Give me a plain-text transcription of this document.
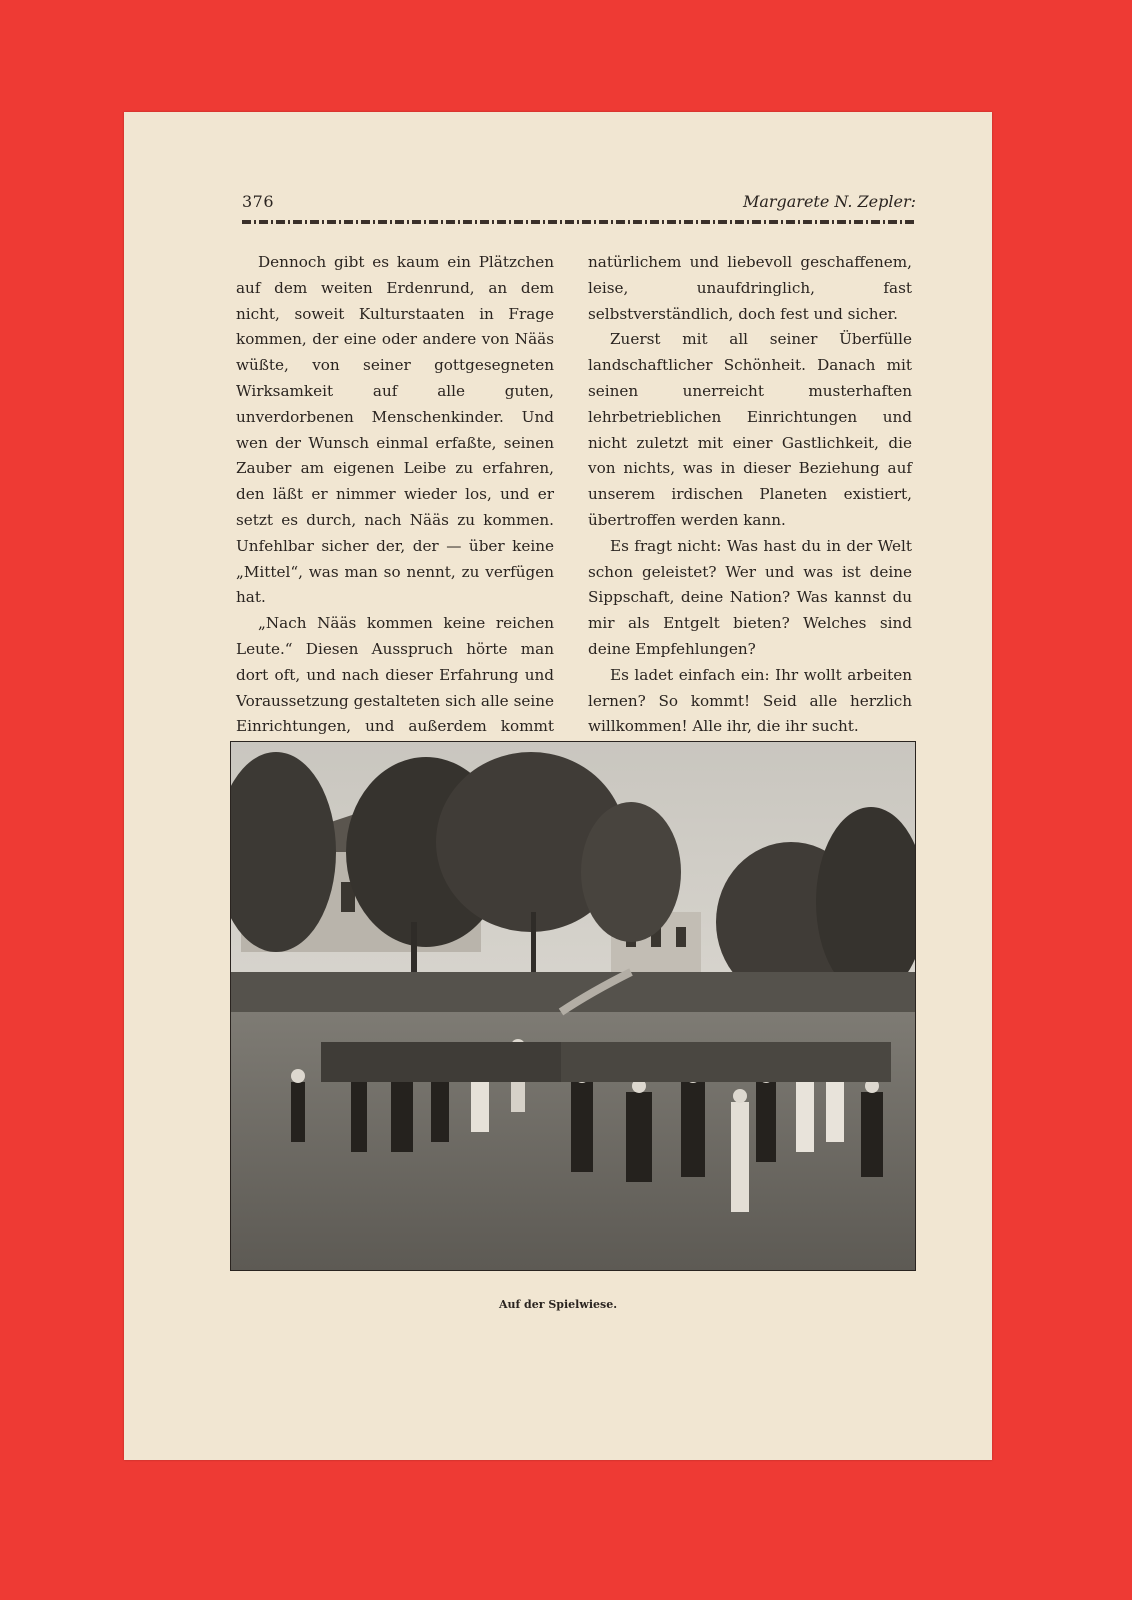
376	Margarete N. Zepler:

Dennoch gibt es kaum ein Plätzchen auf dem weiten Erdenrund, an dem nicht, soweit Kulturstaaten in Frage kommen, der eine oder andere von Nääs wüßte, von seiner gottgesegneten Wirksamkeit auf alle guten, unverdorbenen Menschenkinder. Und wen der Wunsch einmal erfaßte, seinen Zauber am eigenen Leibe zu erfahren, den läßt er nimmer wieder los, und er setzt es durch, nach Nääs zu kommen. Unfehlbar sicher der, der — über keine „Mittel“, was man so nennt, zu verfügen hat.

„Nach Nääs kommen keine reichen Leute.“ Diesen Ausspruch hörte man dort oft, und nach dieser Erfahrung und Voraussetzung gestalteten sich alle seine Einrichtungen, und außerdem kommt

natürlichem und liebevoll geschaffenem, leise, unaufdringlich, fast selbstverständlich, doch fest und sicher.

Zuerst mit all seiner Überfülle landschaftlicher Schönheit. Danach mit seinen unerreicht musterhaften lehrbetrieblichen Einrichtungen und nicht zuletzt mit einer Gastlichkeit, die von nichts, was in dieser Beziehung auf unserem irdischen Planeten existiert, übertroffen werden kann.

Es fragt nicht: Was hast du in der Welt schon geleistet? Wer und was ist deine Sippschaft, deine Nation? Was kannst du mir als Entgelt bieten? Welches sind deine Empfehlungen?

Es ladet einfach ein: Ihr wollt arbeiten lernen? So kommt! Seid alle herzlich willkommen! Alle ihr, die ihr sucht.

Auf der Spielwiese.
